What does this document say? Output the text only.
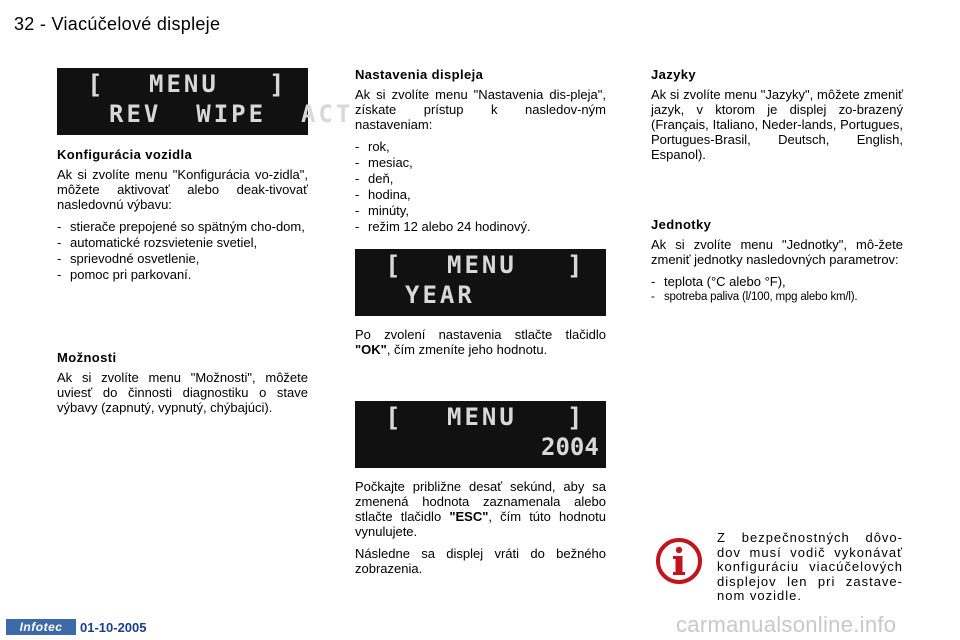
32 - Viacúčelové displeje
[ MENU ]
REV  WIPE  ACT
Konfigurácia vozidla

Ak si zvolíte menu "Konfigurácia vo-zidla", môžete aktivovať alebo deak-tivovať nasledovnú výbavu:

- stierače prepojené so spätným cho-dom,
- automatické rozsvietenie svetiel,
- sprievodné osvetlenie,
- pomoc pri parkovaní.
Možnosti

Ak si zvolíte menu "Možnosti", môžete uviesť do činnosti diagnostiku o stave výbavy (zapnutý, vypnutý, chýbajúci).

Nastavenia displeja

Ak si zvolíte menu "Nastavenia dis-pleja", získate prístup k nasledov-ným nastaveniam:

- rok,
- mesiac,
- deň,
- hodina,
- minúty,
- režim 12 alebo 24 hodinový.
[ MENU ]
YEAR

Po zvolení nastavenia stlačte tlačidlo "OK", čím zmeníte jeho hodnotu.

[ MENU ]
2004

Počkajte približne desať sekúnd, aby sa zmenená hodnota zaznamenala alebo stlačte tlačidlo "ESC", čím túto hodnotu vynulujete.

Následne sa displej vráti do bežného zobrazenia.

Jazyky

Ak si zvolíte menu "Jazyky", môžete zmeniť jazyk, v ktorom je displej zo-brazený (Français, Italiano, Neder-lands, Portugues, Portugues-Brasil, Deutsch, English, Espanol).

Jednotky

Ak si zvolíte menu "Jednotky", mô-žete zmeniť jednotky nasledovných parametrov:

- teplota (°C alebo °F),
- spotreba paliva (l/100, mpg alebo km/l).
Z bezpečnostných dôvo-dov musí vodič vykonávať konfiguráciu viacúčelových displejov len pri zastave-nom vozidle.
Infotec	01-10-2005	carmanualsonline.info
